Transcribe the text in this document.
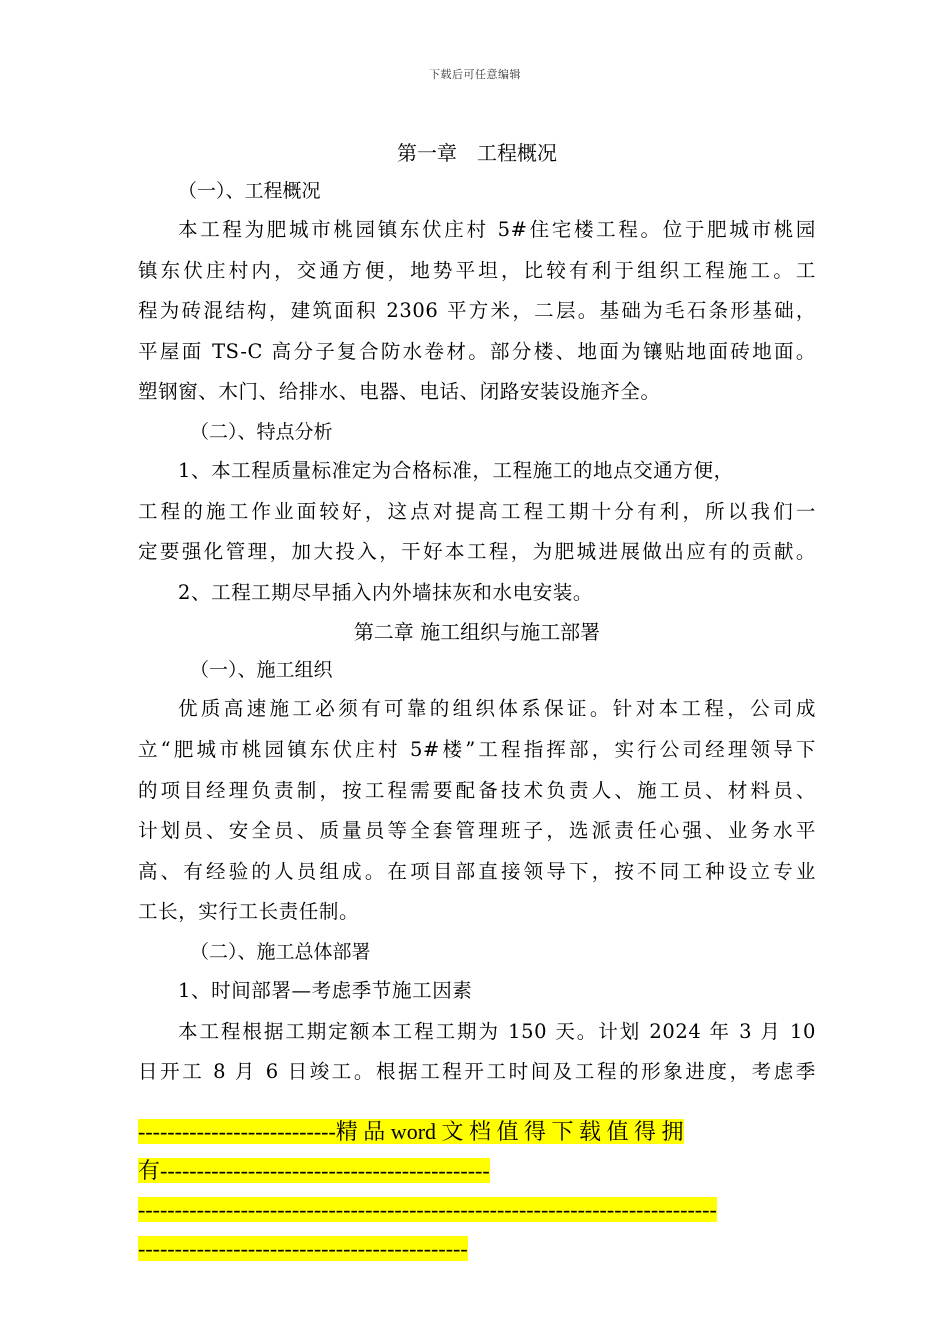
下载后可任意编辑
第一章　工程概况
（一）、工程概况
本工程为肥城市桃园镇东伏庄村 5#住宅楼工程。位于肥城市桃园
镇东伏庄村内，交通方便，地势平坦，比较有利于组织工程施工。工
程为砖混结构，建筑面积 2306 平方米，二层。基础为毛石条形基础，
平屋面 TS-C 高分子复合防水卷材。部分楼、地面为镶贴地面砖地面。
塑钢窗、木门、给排水、电器、电话、闭路安装设施齐全。
（二）、特点分析
1、本工程质量标准定为合格标准，工程施工的地点交通方便，
工程的施工作业面较好，这点对提高工程工期十分有利，所以我们一
定要强化管理，加大投入，干好本工程，为肥城进展做出应有的贡献。
2、工程工期尽早插入内外墙抹灰和水电安装。
第二章 施工组织与施工部署
（一）、施工组织
优质高速施工必须有可靠的组织体系保证。针对本工程，公司成
立“肥城市桃园镇东伏庄村 5#楼”工程指挥部，实行公司经理领导下
的项目经理负责制，按工程需要配备技术负责人、施工员、材料员、
计划员、安全员、质量员等全套管理班子，选派责任心强、业务水平
高、有经验的人员组成。在项目部直接领导下，按不同工种设立专业
工长，实行工长责任制。
（二）、施工总体部署
1、时间部署—考虑季节施工因素
本工程根据工期定额本工程工期为 150 天。计划 2024 年 3 月 10
日开工 8 月 6 日竣工。根据工程开工时间及工程的形象进度，考虑季
---------------------------精 品 word 文 档 值 得 下 载 值 得 拥
有---------------------------------------------
-------------------------------------------------------------------------------
---------------------------------------------
